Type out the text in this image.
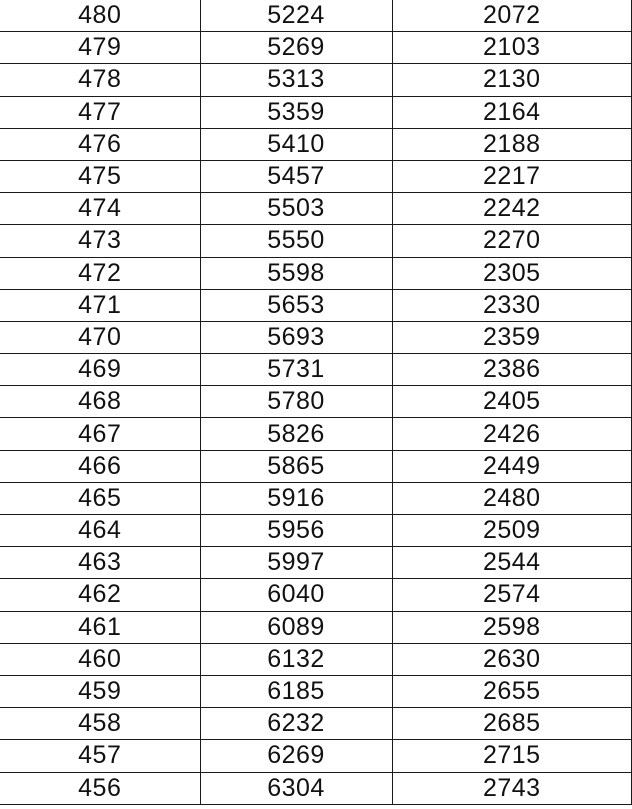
480	5224	2072
479	5269	2103
478	5313	2130
477	5359	2164
476	5410	2188
475	5457	2217
474	5503	2242
473	5550	2270
472	5598	2305
471	5653	2330
470	5693	2359
469	5731	2386
468	5780	2405
467	5826	2426
466	5865	2449
465	5916	2480
464	5956	2509
463	5997	2544
462	6040	2574
461	6089	2598
460	6132	2630
459	6185	2655
458	6232	2685
457	6269	2715
456	6304	2743
